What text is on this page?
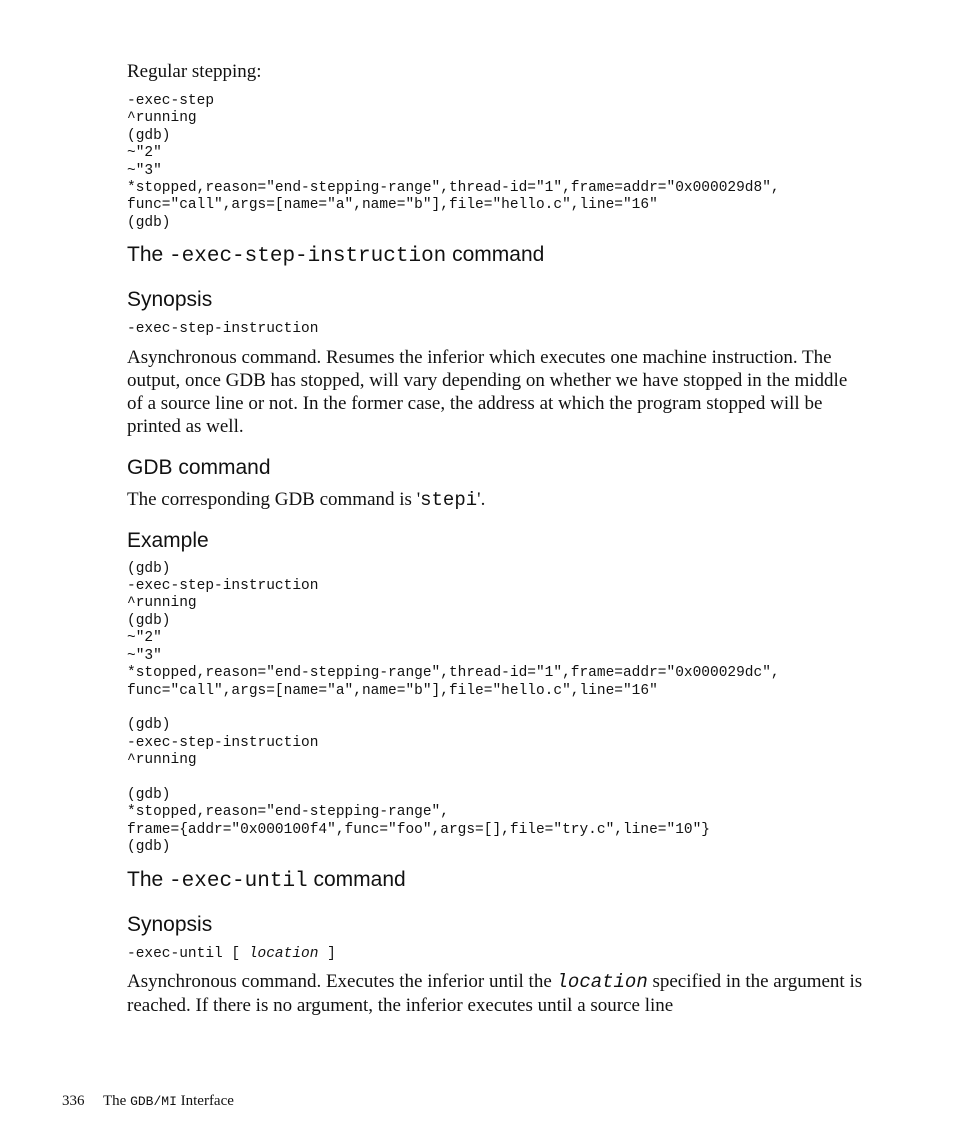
Regular stepping:

-exec-step
^running
(gdb)
~"2"
~"3"
*stopped,reason="end-stepping-range",thread-id="1",frame=addr="0x000029d8",
func="call",args=[name="a",name="b"],file="hello.c",line="16"
(gdb)
The -exec-step-instruction command
Synopsis
-exec-step-instruction

Asynchronous command. Resumes the inferior which executes one machine instruction. The output, once GDB has stopped, will vary depending on whether we have stopped in the middle of a source line or not. In the former case, the address at which the program stopped will be printed as well.

GDB command

The corresponding GDB command is 'stepi'.

Example
(gdb)
-exec-step-instruction
^running
(gdb)
~"2"
~"3"
*stopped,reason="end-stepping-range",thread-id="1",frame=addr="0x000029dc",
func="call",args=[name="a",name="b"],file="hello.c",line="16"

(gdb)
-exec-step-instruction
^running

(gdb)
*stopped,reason="end-stepping-range",
frame={addr="0x000100f4",func="foo",args=[],file="try.c",line="10"}
(gdb)
The -exec-until command
Synopsis
-exec-until [ location ]

Asynchronous command. Executes the inferior until the location specified in the argument is reached. If there is no argument, the inferior executes until a source line

336 The GDB/MI Interface
